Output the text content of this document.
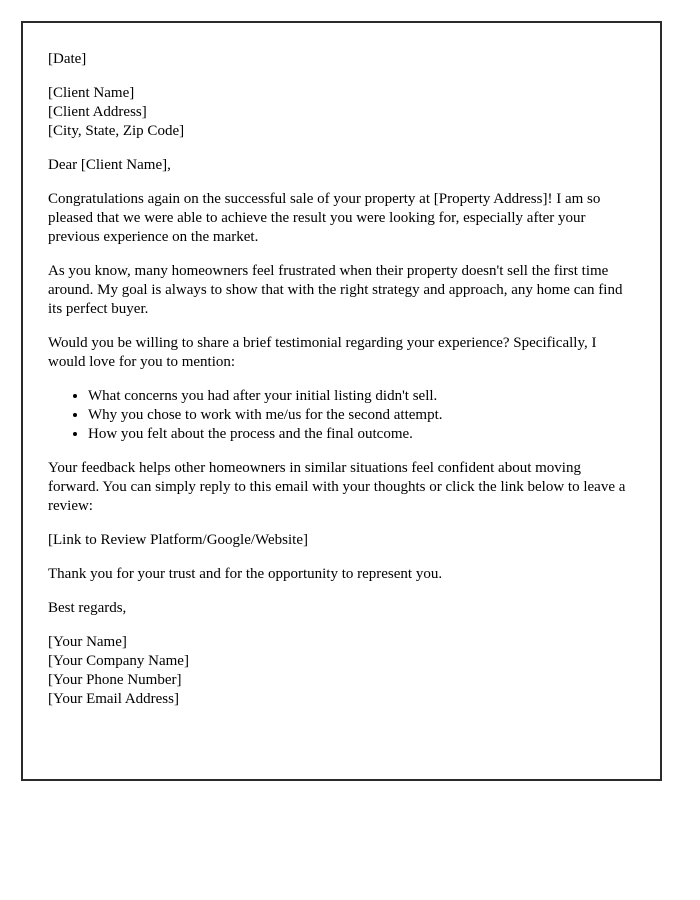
[Date]

[Client Name]
[Client Address]
[City, State, Zip Code]

Dear [Client Name],

Congratulations again on the successful sale of your property at [Property Address]! I am so pleased that we were able to achieve the result you were looking for, especially after your previous experience on the market.

As you know, many homeowners feel frustrated when their property doesn't sell the first time around. My goal is always to show that with the right strategy and approach, any home can find its perfect buyer.

Would you be willing to share a brief testimonial regarding your experience? Specifically, I would love for you to mention:

• What concerns you had after your initial listing didn't sell.
• Why you chose to work with me/us for the second attempt.
• How you felt about the process and the final outcome.

Your feedback helps other homeowners in similar situations feel confident about moving forward. You can simply reply to this email with your thoughts or click the link below to leave a review:

[Link to Review Platform/Google/Website]

Thank you for your trust and for the opportunity to represent you.

Best regards,

[Your Name]
[Your Company Name]
[Your Phone Number]
[Your Email Address]
